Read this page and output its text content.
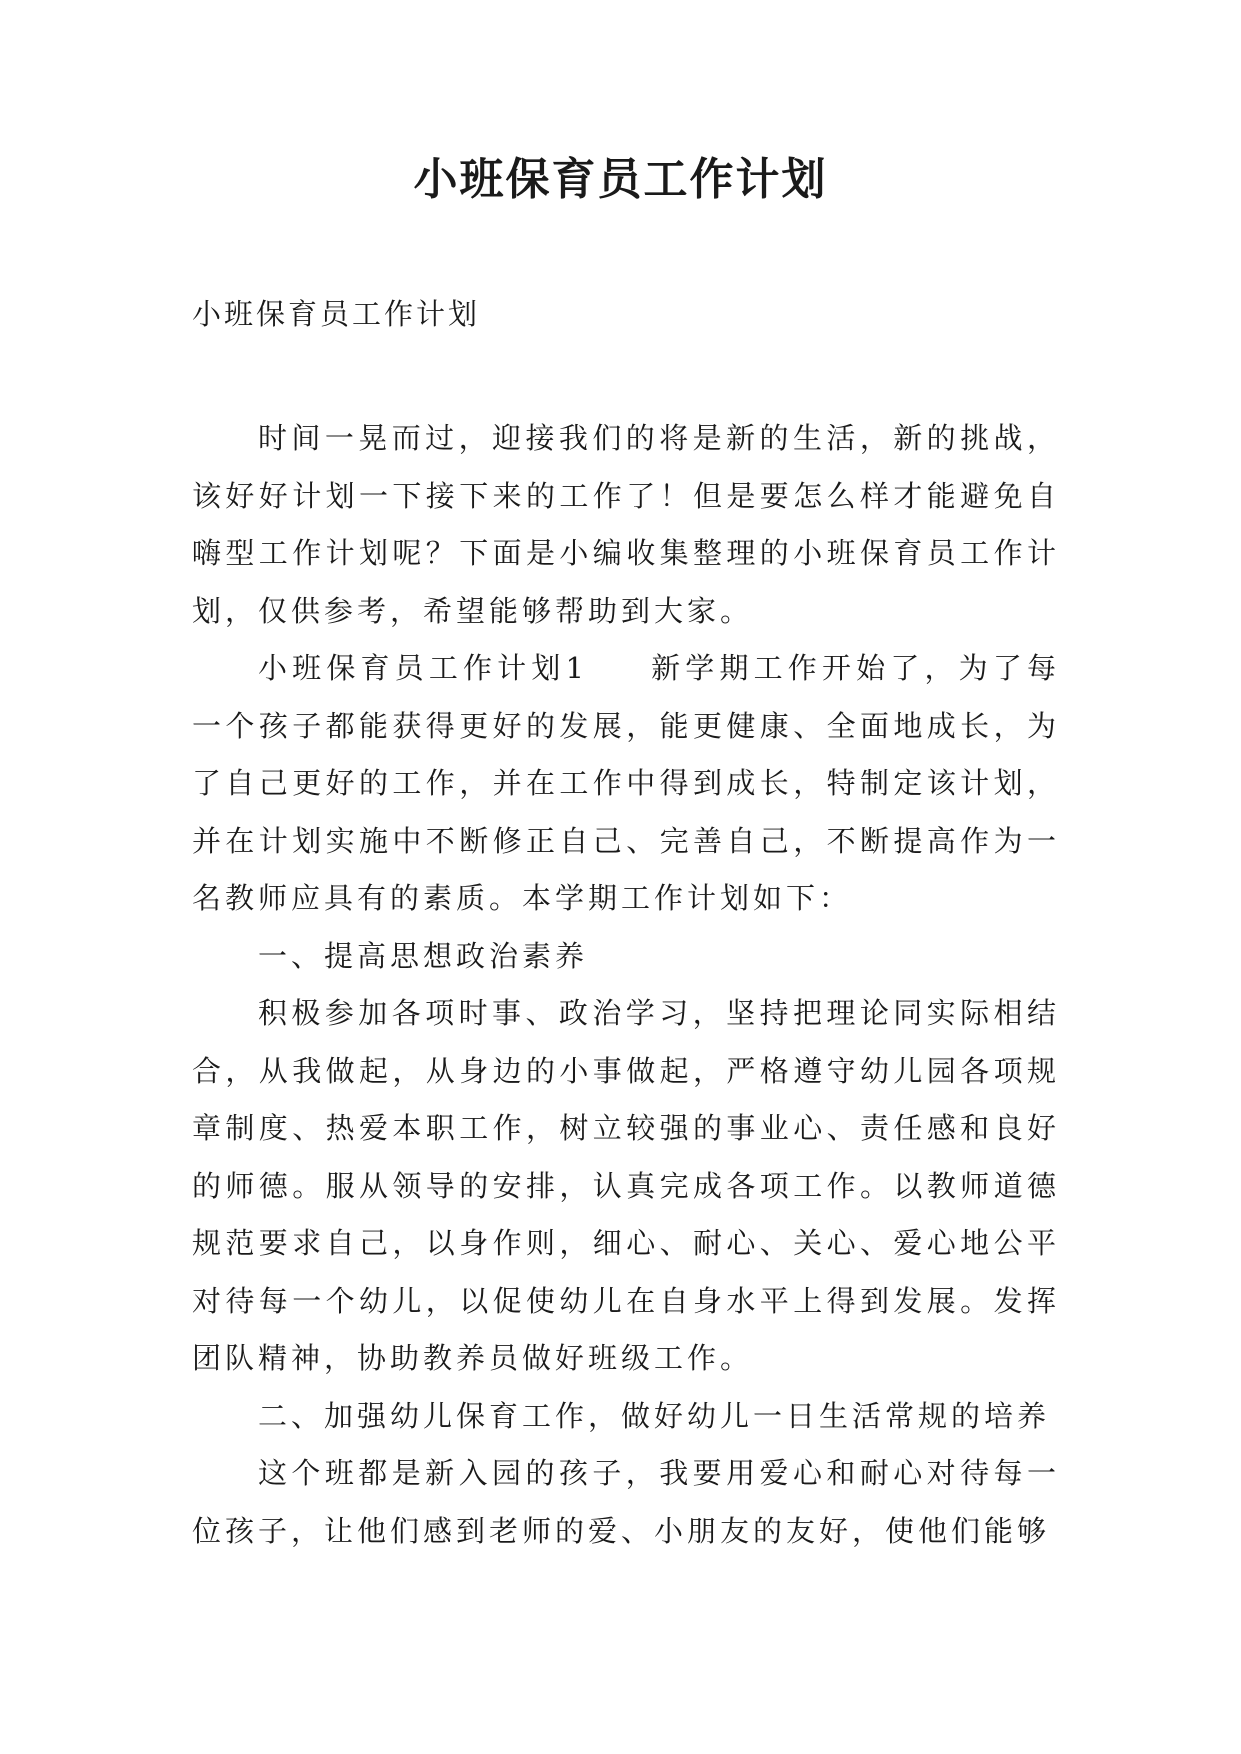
小班保育员工作计划
小班保育员工作计划

时间一晃而过，迎接我们的将是新的生活，新的挑战，该好好计划一下接下来的工作了！但是要怎么样才能避免自嗨型工作计划呢？下面是小编收集整理的小班保育员工作计划，仅供参考，希望能够帮助到大家。

小班保育员工作计划1 新学期工作开始了，为了每一个孩子都能获得更好的发展，能更健康、全面地成长，为了自己更好的工作，并在工作中得到成长，特制定该计划，并在计划实施中不断修正自己、完善自己，不断提高作为一名教师应具有的素质。本学期工作计划如下：

一、提高思想政治素养

积极参加各项时事、政治学习，坚持把理论同实际相结合，从我做起，从身边的小事做起，严格遵守幼儿园各项规章制度、热爱本职工作，树立较强的事业心、责任感和良好的师德。服从领导的安排，认真完成各项工作。以教师道德规范要求自己，以身作则，细心、耐心、关心、爱心地公平对待每一个幼儿，以促使幼儿在自身水平上得到发展。发挥团队精神，协助教养员做好班级工作。

二、加强幼儿保育工作，做好幼儿一日生活常规的培养

这个班都是新入园的孩子，我要用爱心和耐心对待每一位孩子，让他们感到老师的爱、小朋友的友好，使他们能够
